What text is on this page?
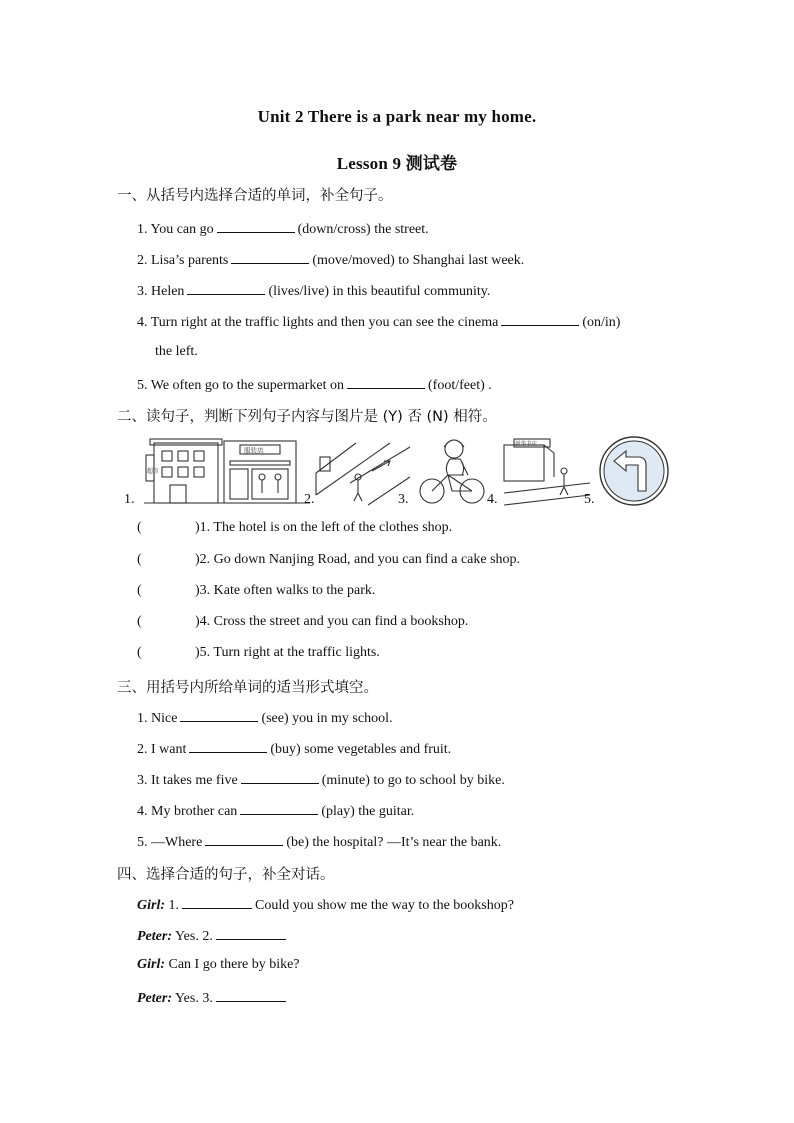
Unit 2 There is a park near my home.
Lesson 9 测试卷
一、从括号内选择合适的单词，补全句子。
1. You can go	(down/cross) the street.
2. Lisa’s parents	(move/moved) to Shanghai last week.
3. Helen	(lives/live) in this beautiful community.
4. Turn right at the traffic lights and then you can see the cinema	(on/in)
the left.
5. We often go to the supermarket on	(foot/feet) .
二、读句子，判断下列句子内容与图片是 (Y) 否 (N) 相符。
超市
服装店
新华书店
1.	2.	3.	4.	5.
(	)1. The hotel is on the left of the clothes shop.
(	)2. Go down Nanjing Road, and you can find a cake shop.
(	)3. Kate often walks to the park.
(	)4. Cross the street and you can find a bookshop.
(	)5. Turn right at the traffic lights.
三、用括号内所给单词的适当形式填空。
1. Nice	(see) you in my school.
2. I want	(buy) some vegetables and fruit.
3. It takes me five	(minute) to go to school by bike.
4. My brother can	(play) the guitar.
5. —Where	(be) the hospital? —It’s near the bank.
四、选择合适的句子，补全对话。
Girl: 1.	Could you show me the way to the bookshop?
Peter: Yes. 2.
Girl: Can I go there by bike?
Peter: Yes. 3.
